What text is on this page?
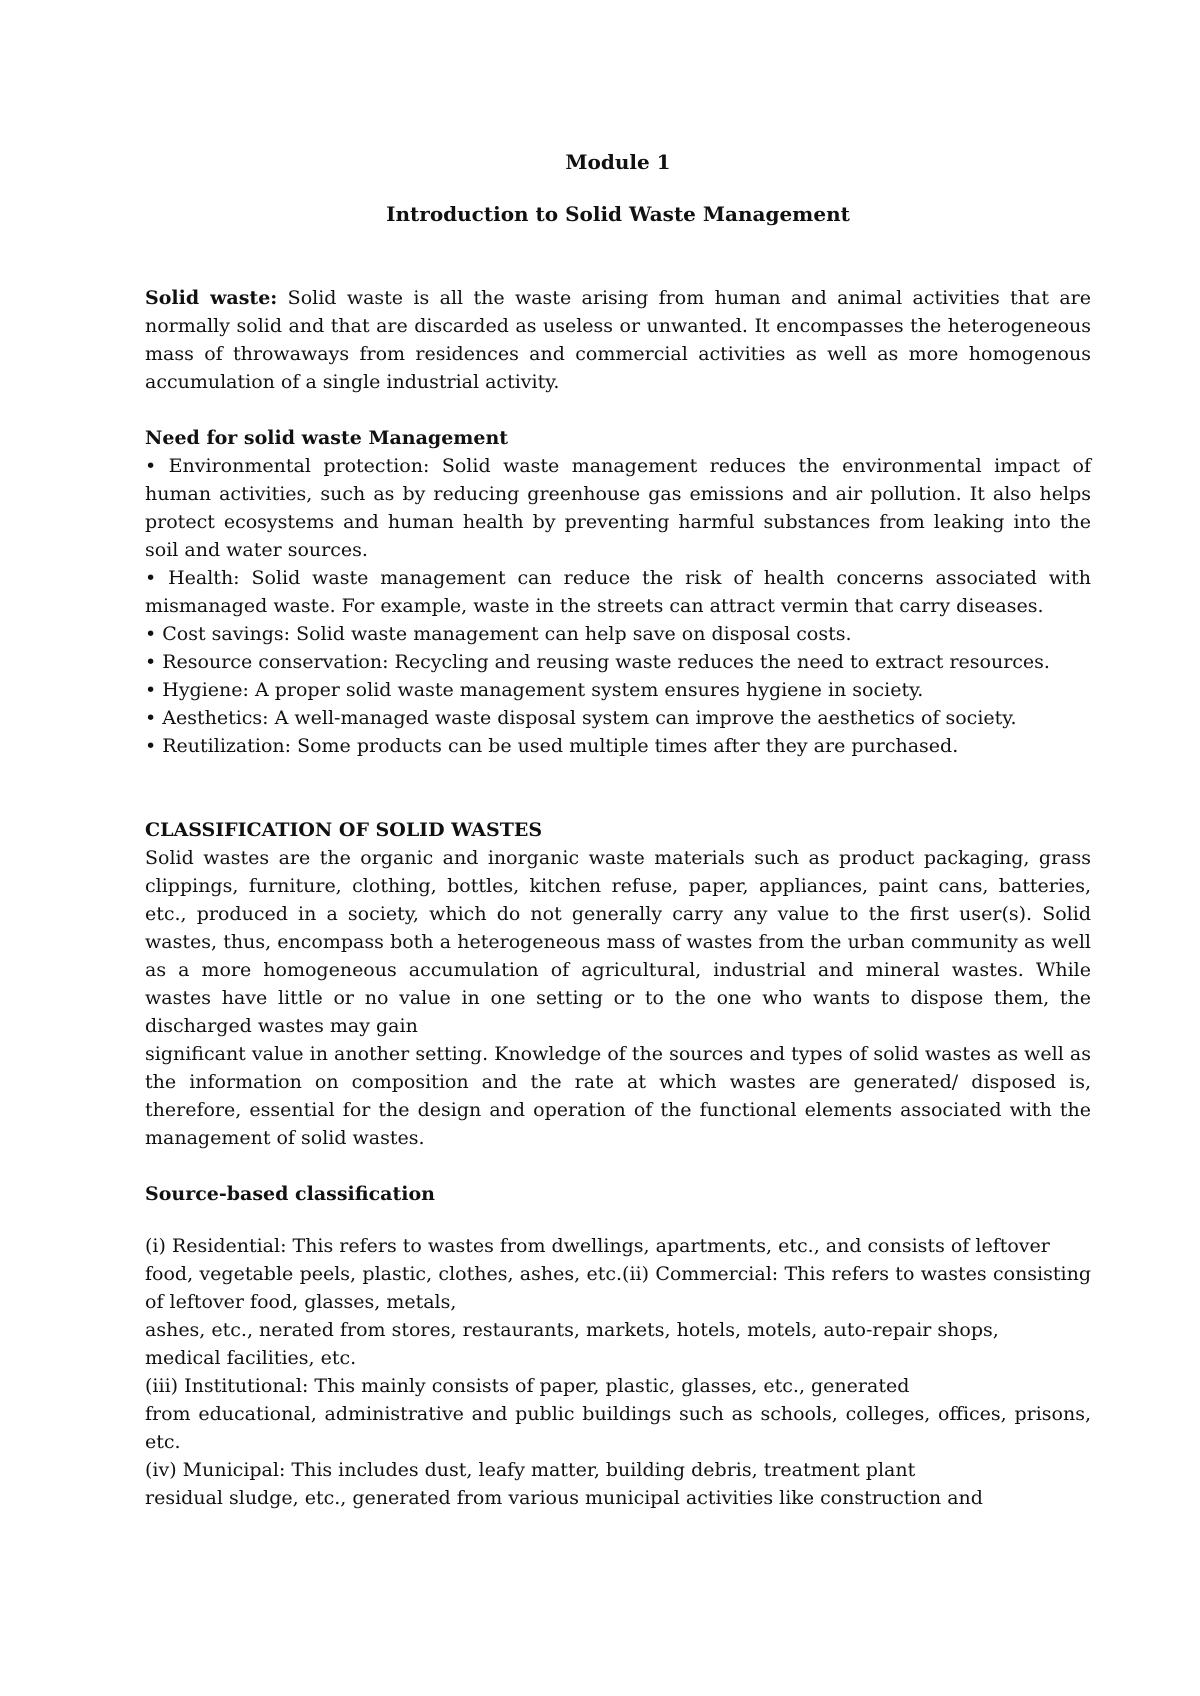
Module 1

Introduction to Solid Waste Management

Solid waste: Solid waste is all the waste arising from human and animal activities that are normally solid and that are discarded as useless or unwanted. It encompasses the heterogeneous mass of throwaways from residences and commercial activities as well as more homogenous accumulation of a single industrial activity.

Need for solid waste Management

• Environmental protection: Solid waste management reduces the environmental impact of human activities, such as by reducing greenhouse gas emissions and air pollution. It also helps protect ecosystems and human health by preventing harmful substances from leaking into the soil and water sources.
• Health: Solid waste management can reduce the risk of health concerns associated with mismanaged waste. For example, waste in the streets can attract vermin that carry diseases.
• Cost savings: Solid waste management can help save on disposal costs.
• Resource conservation: Recycling and reusing waste reduces the need to extract resources.
• Hygiene: A proper solid waste management system ensures hygiene in society.
• Aesthetics: A well-managed waste disposal system can improve the aesthetics of society.
• Reutilization: Some products can be used multiple times after they are purchased.

CLASSIFICATION OF SOLID WASTES

Solid wastes are the organic and inorganic waste materials such as product packaging, grass clippings, furniture, clothing, bottles, kitchen refuse, paper, appliances, paint cans, batteries, etc., produced in a society, which do not generally carry any value to the first user(s). Solid wastes, thus, encompass both a heterogeneous mass of wastes from the urban community as well as a more homogeneous accumulation of agricultural, industrial and mineral wastes. While wastes have little or no value in one setting or to the one who wants to dispose them, the discharged wastes may gain

significant value in another setting. Knowledge of the sources and types of solid wastes as well as the information on composition and the rate at which wastes are generated/ disposed is, therefore, essential for the design and operation of the functional elements associated with the management of solid wastes.

Source-based classification

(i) Residential: This refers to wastes from dwellings, apartments, etc., and consists of leftover

food, vegetable peels, plastic, clothes, ashes, etc.(ii) Commercial: This refers to wastes consisting of leftover food, glasses, metals,

ashes, etc., nerated from stores, restaurants, markets, hotels, motels, auto-repair shops,

medical facilities, etc.

(iii) Institutional: This mainly consists of paper, plastic, glasses, etc., generated

from educational, administrative and public buildings such as schools, colleges, offices, prisons, etc.

(iv) Municipal: This includes dust, leafy matter, building debris, treatment plant

residual sludge, etc., generated from various municipal activities like construction and
